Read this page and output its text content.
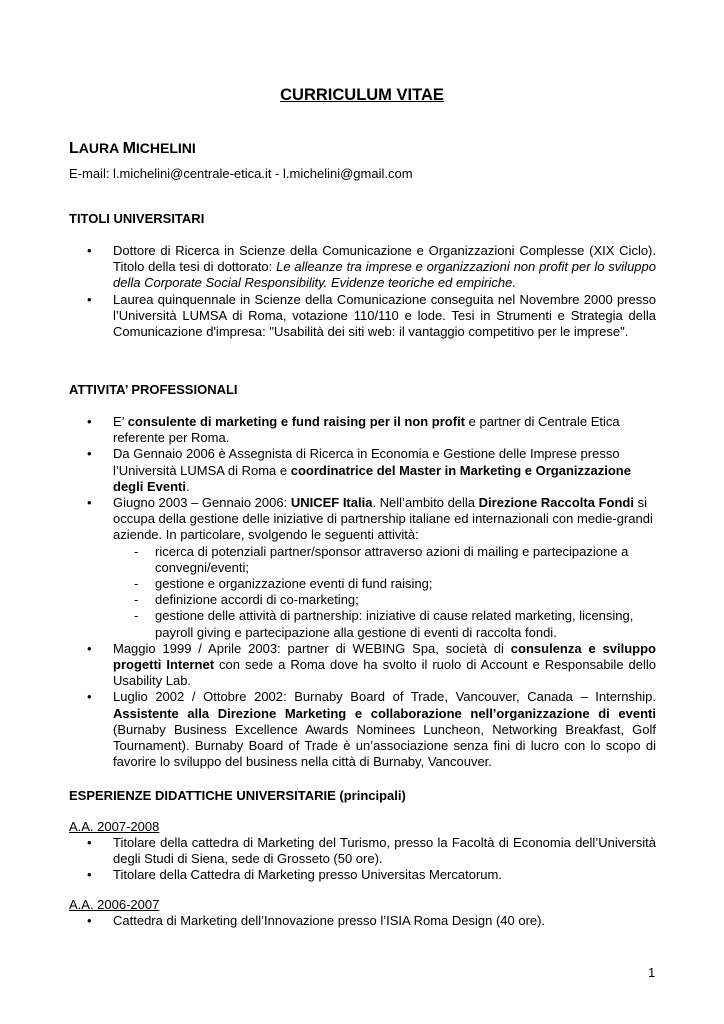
CURRICULUM VITAE
LAURA MICHELINI
E-mail: l.michelini@centrale-etica.it - l.michelini@gmail.com
TITOLI UNIVERSITARI
• Dottore di Ricerca in Scienze della Comunicazione e Organizzazioni Complesse (XIX Ciclo). Titolo della tesi di dottorato: Le alleanze tra imprese e organizzazioni non profit per lo sviluppo della Corporate Social Responsibility. Evidenze teoriche ed empiriche.
• Laurea quinquennale in Scienze della Comunicazione conseguita nel Novembre 2000 presso l’Università LUMSA di Roma, votazione 110/110 e lode. Tesi in Strumenti e Strategia della Comunicazione d'impresa: "Usabilità dei siti web: il vantaggio competitivo per le imprese".
ATTIVITA’ PROFESSIONALI
• E’ consulente di marketing e fund raising per il non profit e partner di Centrale Etica referente per Roma.
• Da Gennaio 2006 è Assegnista di Ricerca in Economia e Gestione delle Imprese presso l’Università LUMSA di Roma e coordinatrice del Master in Marketing e Organizzazione degli Eventi.
• Giugno 2003 – Gennaio 2006: UNICEF Italia. Nell’ambito della Direzione Raccolta Fondi si occupa della gestione delle iniziative di partnership italiane ed internazionali con medie-grandi aziende. In particolare, svolgendo le seguenti attività:
- ricerca di potenziali partner/sponsor attraverso azioni di mailing e partecipazione a convegni/eventi;
- gestione e organizzazione eventi di fund raising;
- definizione accordi di co-marketing;
- gestione delle attività di partnership: iniziative di cause related marketing, licensing, payroll giving e partecipazione alla gestione di eventi di raccolta fondi.
• Maggio 1999 / Aprile 2003: partner di WEBING Spa, società di consulenza e sviluppo progetti Internet con sede a Roma dove ha svolto il ruolo di Account e Responsabile dello Usability Lab.
• Luglio 2002 / Ottobre 2002: Burnaby Board of Trade, Vancouver, Canada – Internship. Assistente alla Direzione Marketing e collaborazione nell’organizzazione di eventi (Burnaby Business Excellence Awards Nominees Luncheon, Networking Breakfast, Golf Tournament). Burnaby Board of Trade è un’associazione senza fini di lucro con lo scopo di favorire lo sviluppo del business nella città di Burnaby, Vancouver.
ESPERIENZE DIDATTICHE UNIVERSITARIE (principali)
A.A. 2007-2008
• Titolare della cattedra di Marketing del Turismo, presso la Facoltà di Economia dell’Università degli Studi di Siena, sede di Grosseto (50 ore).
• Titolare della Cattedra di Marketing presso Universitas Mercatorum.
A.A. 2006-2007
• Cattedra di Marketing dell’Innovazione presso l’ISIA Roma Design (40 ore).
1
